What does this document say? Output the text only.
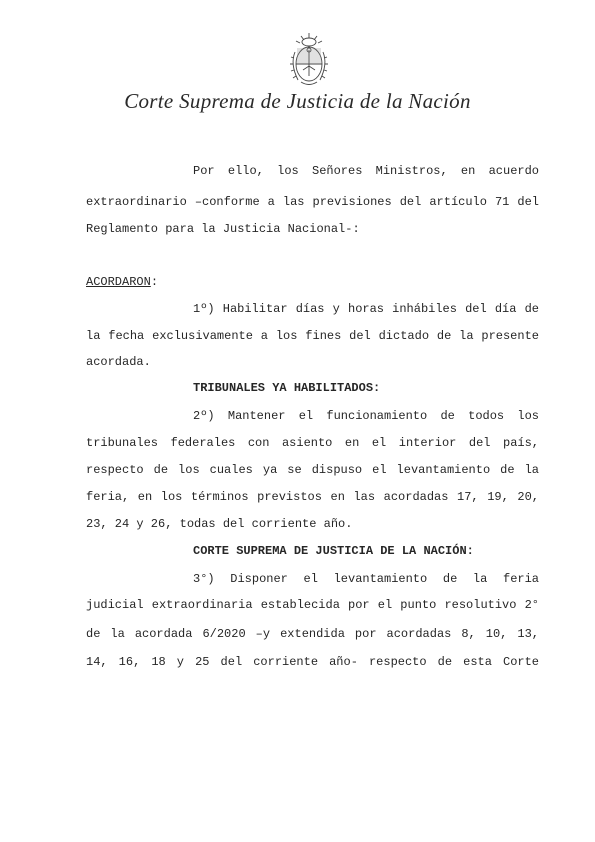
Corte Suprema de Justicia de la Nación
Por ello, los Señores Ministros, en acuerdo
extraordinario –conforme a las previsiones del artículo 71 del
Reglamento para la Justicia Nacional-:
ACORDARON:
1º) Habilitar días y horas inhábiles del día de
la fecha exclusivamente a los fines del dictado de la presente
acordada.
TRIBUNALES YA HABILITADOS:
2º) Mantener el funcionamiento de todos los
tribunales federales con asiento en el interior del país,
respecto de los cuales ya se dispuso el levantamiento de la
feria, en los términos previstos en las acordadas 17, 19, 20,
23, 24 y 26, todas del corriente año.
CORTE SUPREMA DE JUSTICIA DE LA NACIÓN:
3°) Disponer el levantamiento de la feria
judicial extraordinaria establecida por el punto resolutivo 2°
de la acordada 6/2020 –y extendida por acordadas 8, 10, 13,
14, 16, 18 y 25 del corriente año- respecto de esta Corte
